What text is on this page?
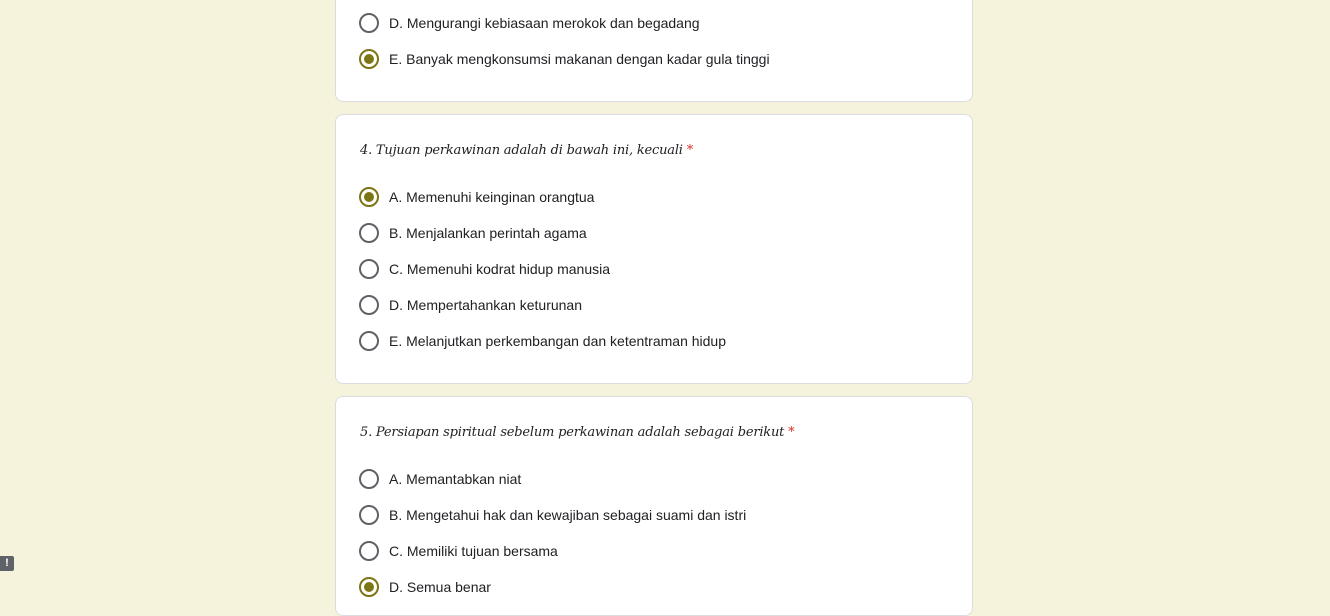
D. Mengurangi kebiasaan merokok dan begadang
E. Banyak mengkonsumsi makanan dengan kadar gula tinggi
4. Tujuan perkawinan adalah di bawah ini, kecuali *
A. Memenuhi keinginan orangtua
B. Menjalankan perintah agama
C. Memenuhi kodrat hidup manusia
D. Mempertahankan keturunan
E. Melanjutkan perkembangan dan ketentraman hidup
5. Persiapan spiritual sebelum perkawinan adalah sebagai berikut *
A. Memantabkan niat
B. Mengetahui hak dan kewajiban sebagai suami dan istri
C. Memiliki tujuan bersama
D. Semua benar
!
